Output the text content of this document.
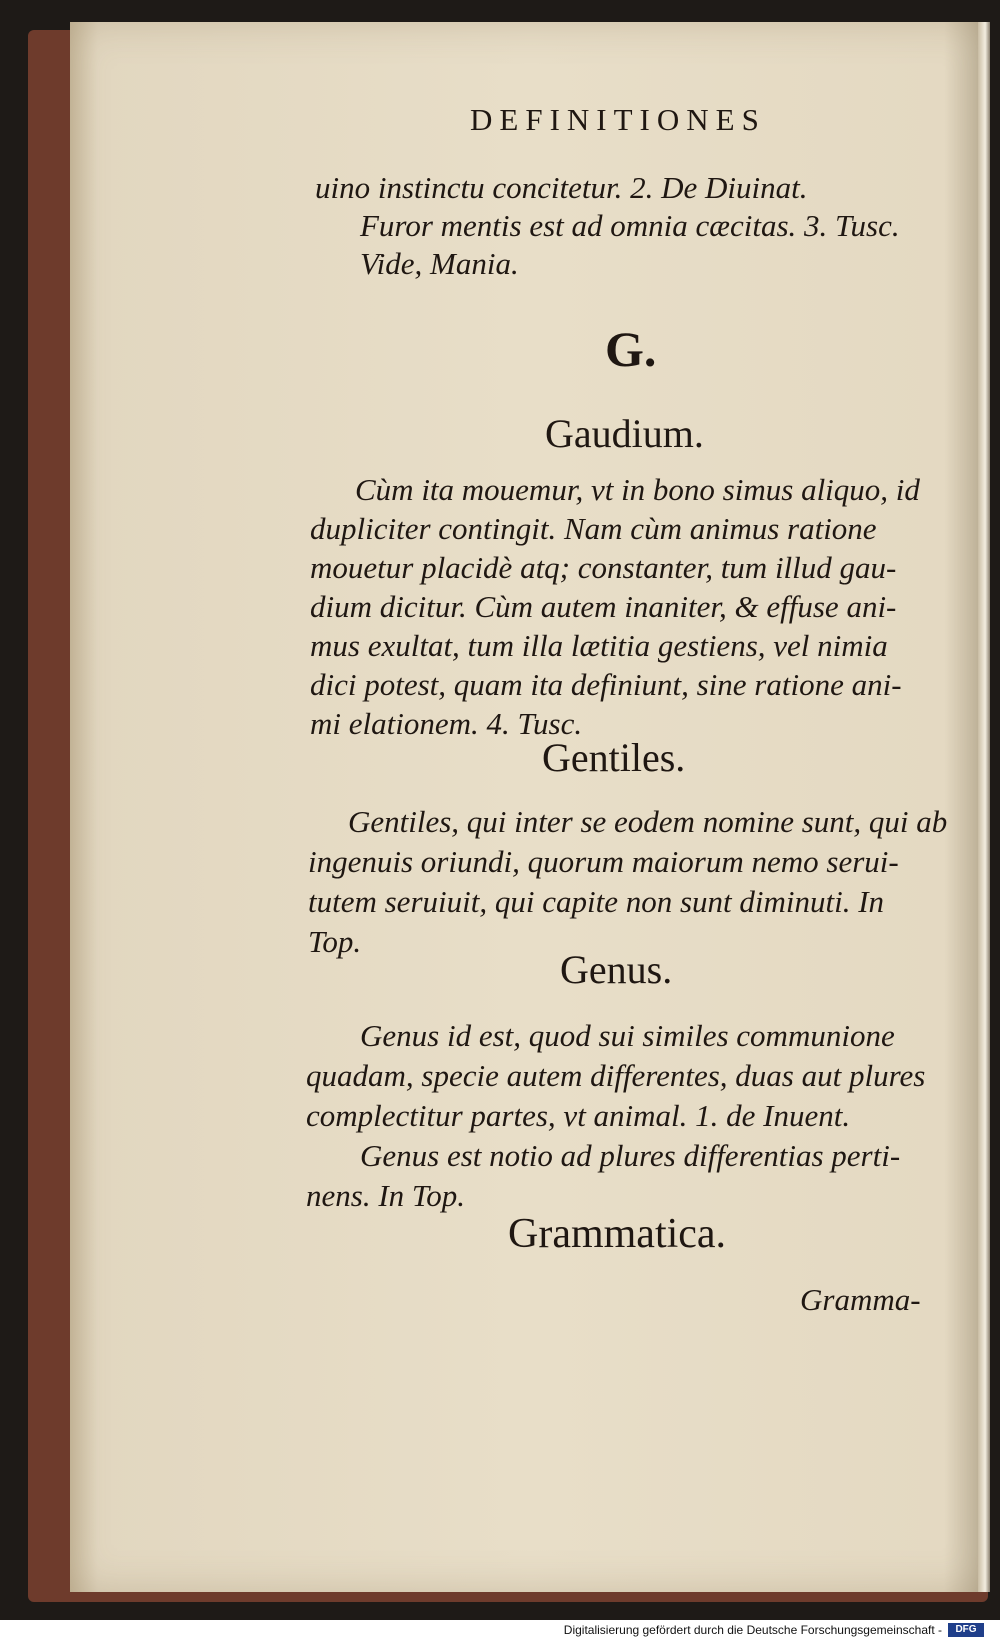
DEFINITIONES
uino instinctu concitetur. 2. De Diuinat.
Furor mentis est ad omnia cæcitas. 3. Tusc.
Vide, Mania.
G.
Gaudium.
Cùm ita mouemur, vt in bono simus aliquo, id
dupliciter contingit. Nam cùm animus ratione
mouetur placidè atq; constanter, tum illud gau-
dium dicitur. Cùm autem inaniter, & effuse ani-
mus exultat, tum illa lætitia gestiens, vel nimia
dici potest, quam ita definiunt, sine ratione ani-
mi elationem. 4. Tusc.
Gentiles.
Gentiles, qui inter se eodem nomine sunt, qui ab
ingenuis oriundi, quorum maiorum nemo serui-
tutem seruiuit, qui capite non sunt diminuti. In
Top.
Genus.
Genus id est, quod sui similes communione
quadam, specie autem differentes, duas aut plures
complectitur partes, vt animal. 1. de Inuent.
Genus est notio ad plures differentias perti-
nens. In Top.
Grammatica.
Gramma-
Digitalisierung gefördert durch die Deutsche Forschungsgemeinschaft -	DFG
